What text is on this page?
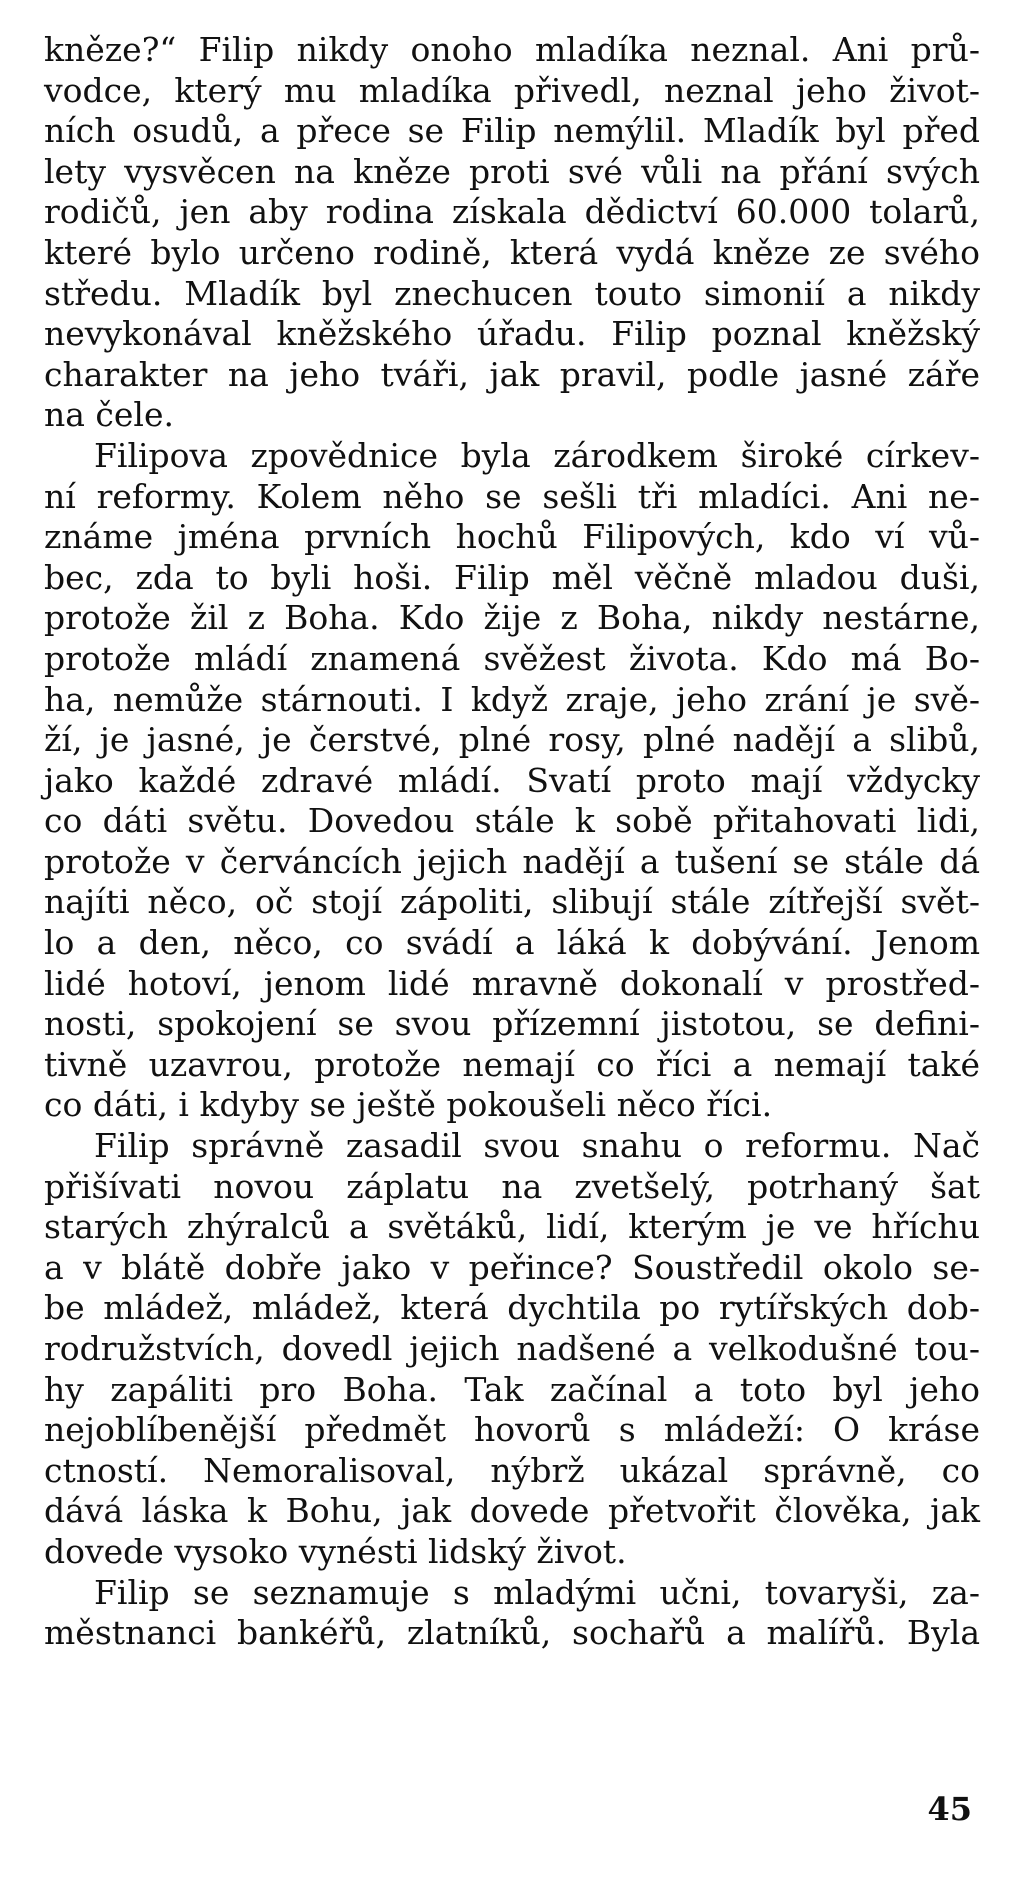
kněze?“ Filip nikdy onoho mladíka neznal. Ani prů-
vodce, který mu mladíka přivedl, neznal jeho život-
ních osudů, a přece se Filip nemýlil. Mladík byl před
lety vysvěcen na kněze proti své vůli na přání svých
rodičů, jen aby rodina získala dědictví 60.000 tolarů,
které bylo určeno rodině, která vydá kněze ze svého
středu. Mladík byl znechucen touto simonií a nikdy
nevykonával kněžského úřadu. Filip poznal kněžský
charakter na jeho tváři, jak pravil, podle jasné záře
na čele.
Filipova zpovědnice byla zárodkem široké církev-
ní reformy. Kolem něho se sešli tři mladíci. Ani ne-
známe jména prvních hochů Filipových, kdo ví vů-
bec, zda to byli hoši. Filip měl věčně mladou duši,
protože žil z Boha. Kdo žije z Boha, nikdy nestárne,
protože mládí znamená svěžest života. Kdo má Bo-
ha, nemůže stárnouti. I když zraje, jeho zrání je svě-
ží, je jasné, je čerstvé, plné rosy, plné nadějí a slibů,
jako každé zdravé mládí. Svatí proto mají vždycky
co dáti světu. Dovedou stále k sobě přitahovati lidi,
protože v červáncích jejich nadějí a tušení se stále dá
najíti něco, oč stojí zápoliti, slibují stále zítřejší svět-
lo a den, něco, co svádí a láká k dobývání. Jenom
lidé hotoví, jenom lidé mravně dokonalí v prostřed-
nosti, spokojení se svou přízemní jistotou, se defini-
tivně uzavrou, protože nemají co říci a nemají také
co dáti, i kdyby se ještě pokoušeli něco říci.
Filip správně zasadil svou snahu o reformu. Nač
přišívati novou záplatu na zvetšelý, potrhaný šat
starých zhýralců a světáků, lidí, kterým je ve hříchu
a v blátě dobře jako v peřince? Soustředil okolo se-
be mládež, mládež, která dychtila po rytířských dob-
rodružstvích, dovedl jejich nadšené a velkodušné tou-
hy zapáliti pro Boha. Tak začínal a toto byl jeho
nejoblíbenější předmět hovorů s mládeží: O kráse
ctností. Nemoralisoval, nýbrž ukázal správně, co
dává láska k Bohu, jak dovede přetvořit člověka, jak
dovede vysoko vynésti lidský život.
Filip se seznamuje s mladými učni, tovaryši, za-
městnanci bankéřů, zlatníků, sochařů a malířů. Byla
45
